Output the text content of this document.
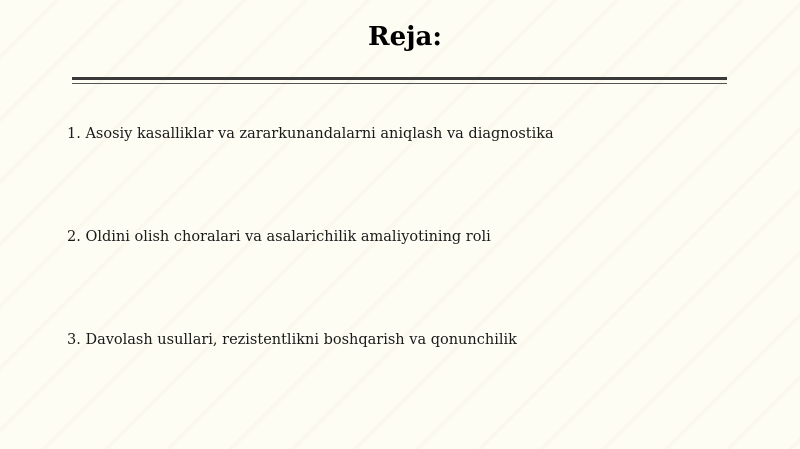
Reja:
1. Asosiy kasalliklar va zararkunandalarni aniqlash va diagnostika
2. Oldini olish choralari va asalarichilik amaliyotining roli
3. Davolash usullari, rezistentlikni boshqarish va qonunchilik
